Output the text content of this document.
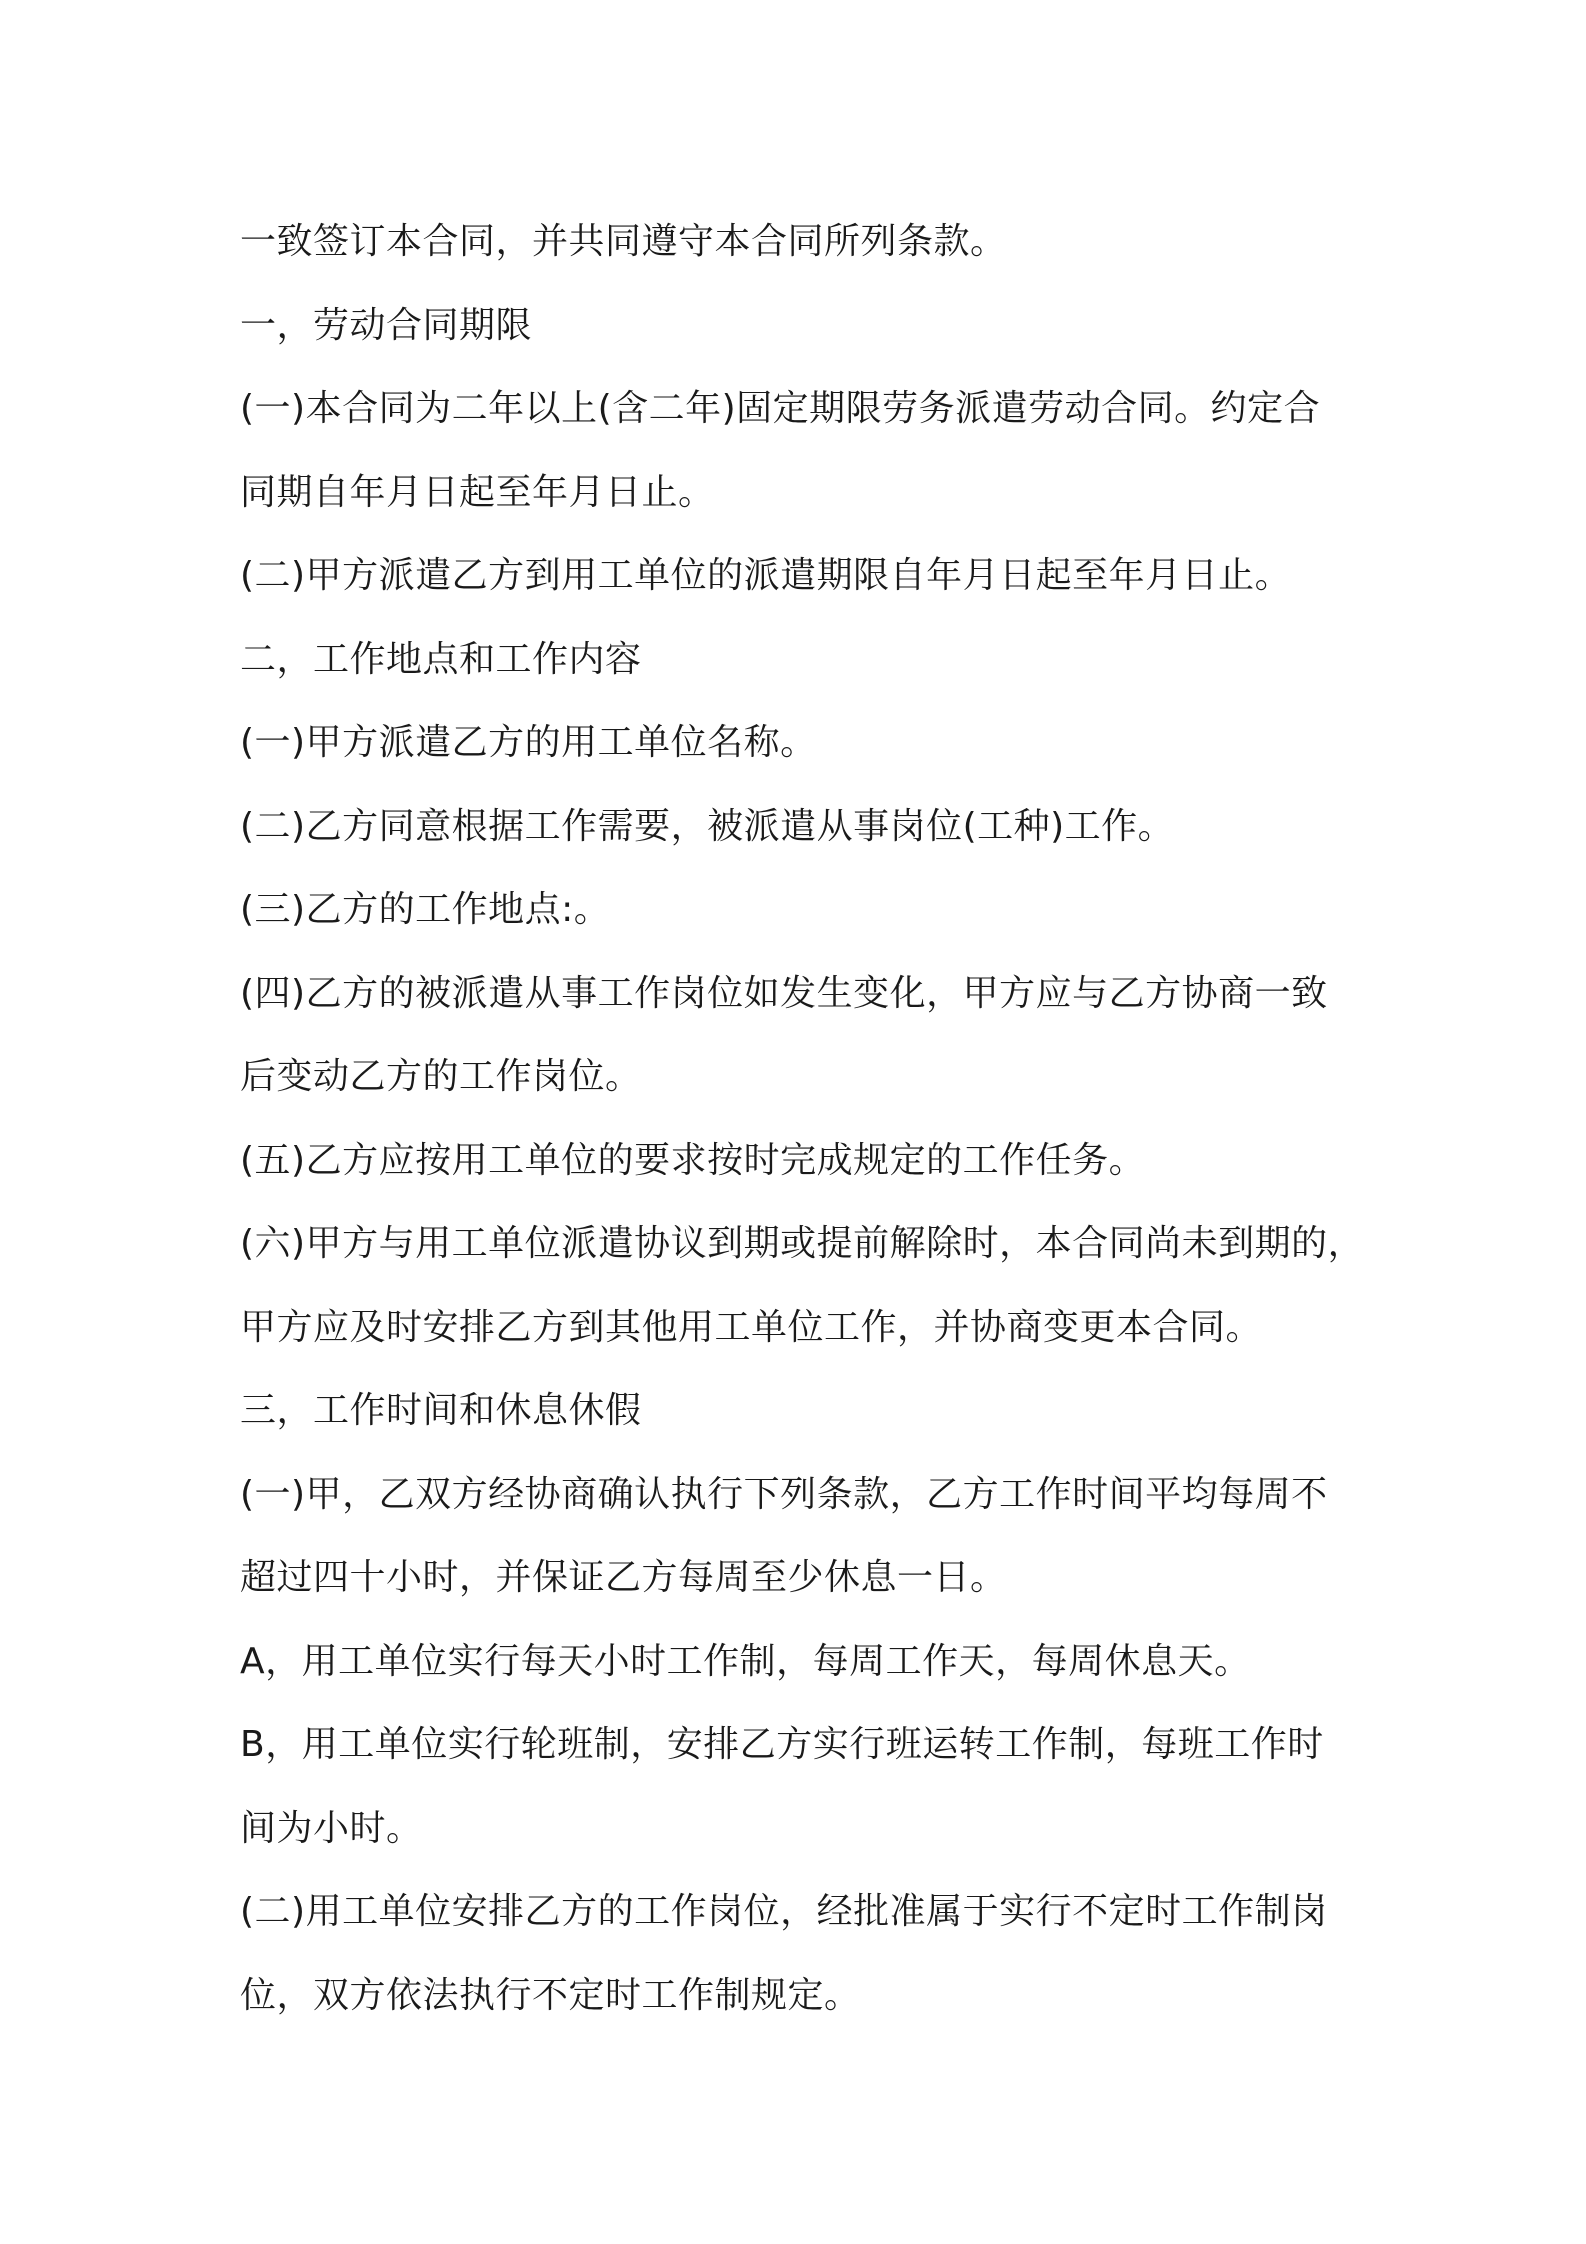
一致签订本合同，并共同遵守本合同所列条款。
一，劳动合同期限
(一)本合同为二年以上(含二年)固定期限劳务派遣劳动合同。约定合
同期自年月日起至年月日止。
(二)甲方派遣乙方到用工单位的派遣期限自年月日起至年月日止。
二，工作地点和工作内容
(一)甲方派遣乙方的用工单位名称。
(二)乙方同意根据工作需要，被派遣从事岗位(工种)工作。
(三)乙方的工作地点:。
(四)乙方的被派遣从事工作岗位如发生变化，甲方应与乙方协商一致
后变动乙方的工作岗位。
(五)乙方应按用工单位的要求按时完成规定的工作任务。
(六)甲方与用工单位派遣协议到期或提前解除时，本合同尚未到期的，
甲方应及时安排乙方到其他用工单位工作，并协商变更本合同。
三，工作时间和休息休假
(一)甲，乙双方经协商确认执行下列条款，乙方工作时间平均每周不
超过四十小时，并保证乙方每周至少休息一日。
A，用工单位实行每天小时工作制，每周工作天，每周休息天。
B，用工单位实行轮班制，安排乙方实行班运转工作制，每班工作时
间为小时。
(二)用工单位安排乙方的工作岗位，经批准属于实行不定时工作制岗
位，双方依法执行不定时工作制规定。
